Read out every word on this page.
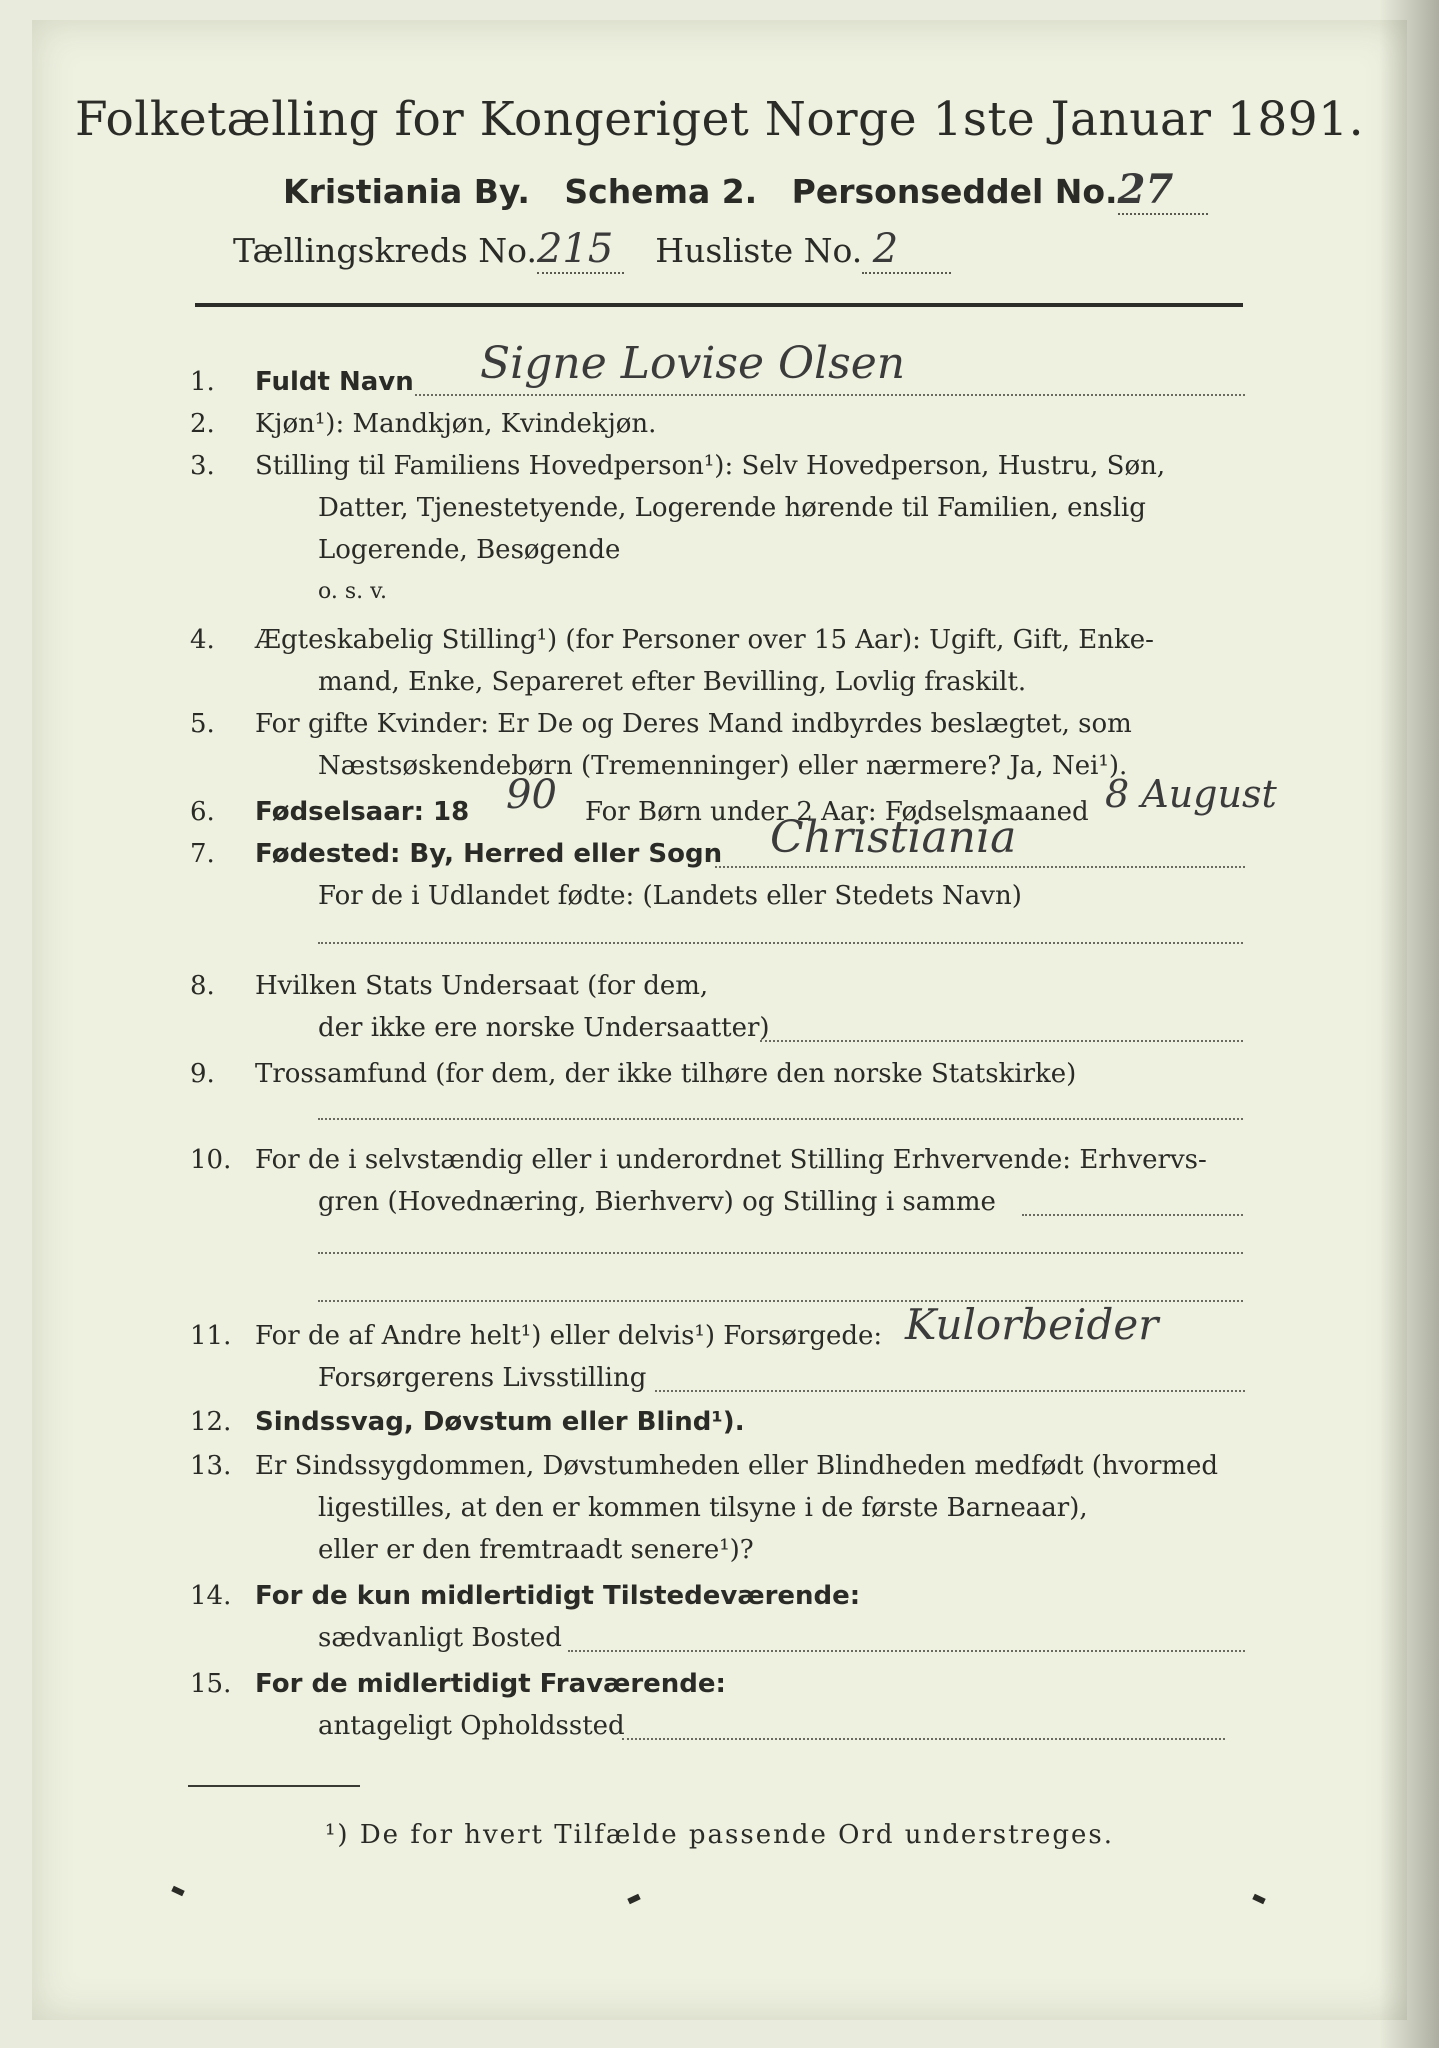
Folketælling for Kongeriget Norge 1ste Januar 1891.
Kristiania By. Schema 2. Personseddel No.27
Tællingskreds No.215 Husliste No. 2
1. Fuldt Navn Signe Lovise Olsen
2. Kjøn¹): Mandkjøn, Kvindekjøn.
3. Stilling til Familiens Hovedperson¹): Selv Hovedperson, Hustru, Søn,
Datter, Tjenestetyende, Logerende hørende til Familien, enslig
Logerende, Besøgende
o. s. v.
4. Ægteskabelig Stilling¹) (for Personer over 15 Aar): Ugift, Gift, Enke-
mand, Enke, Separeret efter Bevilling, Lovlig fraskilt.
5. For gifte Kvinder: Er De og Deres Mand indbyrdes beslægtet, som
Næstsøskendebørn (Tremenninger) eller nærmere? Ja, Nei¹).
6. Fødselsaar: 18 90 For Børn under 2 Aar: Fødselsmaaned 8 August
7. Fødested: By, Herred eller Sogn Christiania
For de i Udlandet fødte: (Landets eller Stedets Navn)
8. Hvilken Stats Undersaat (for dem,
der ikke ere norske Undersaatter)
9. Trossamfund (for dem, der ikke tilhøre den norske Statskirke)
10. For de i selvstændig eller i underordnet Stilling Erhvervende: Erhvervs-
gren (Hovednæring, Bierhverv) og Stilling i samme
11. For de af Andre helt¹) eller delvis¹) Forsørgede:
Forsørgerens Livsstilling
Kulorbeider
12. Sindssvag, Døvstum eller Blind¹).
13. Er Sindssygdommen, Døvstumheden eller Blindheden medfødt (hvormed
ligestilles, at den er kommen tilsyne i de første Barneaar),
eller er den fremtraadt senere¹)?
14. For de kun midlertidigt Tilstedeværende:
sædvanligt Bosted
15. For de midlertidigt Fraværende:
antageligt Opholdssted
¹) De for hvert Tilfælde passende Ord understreges.
